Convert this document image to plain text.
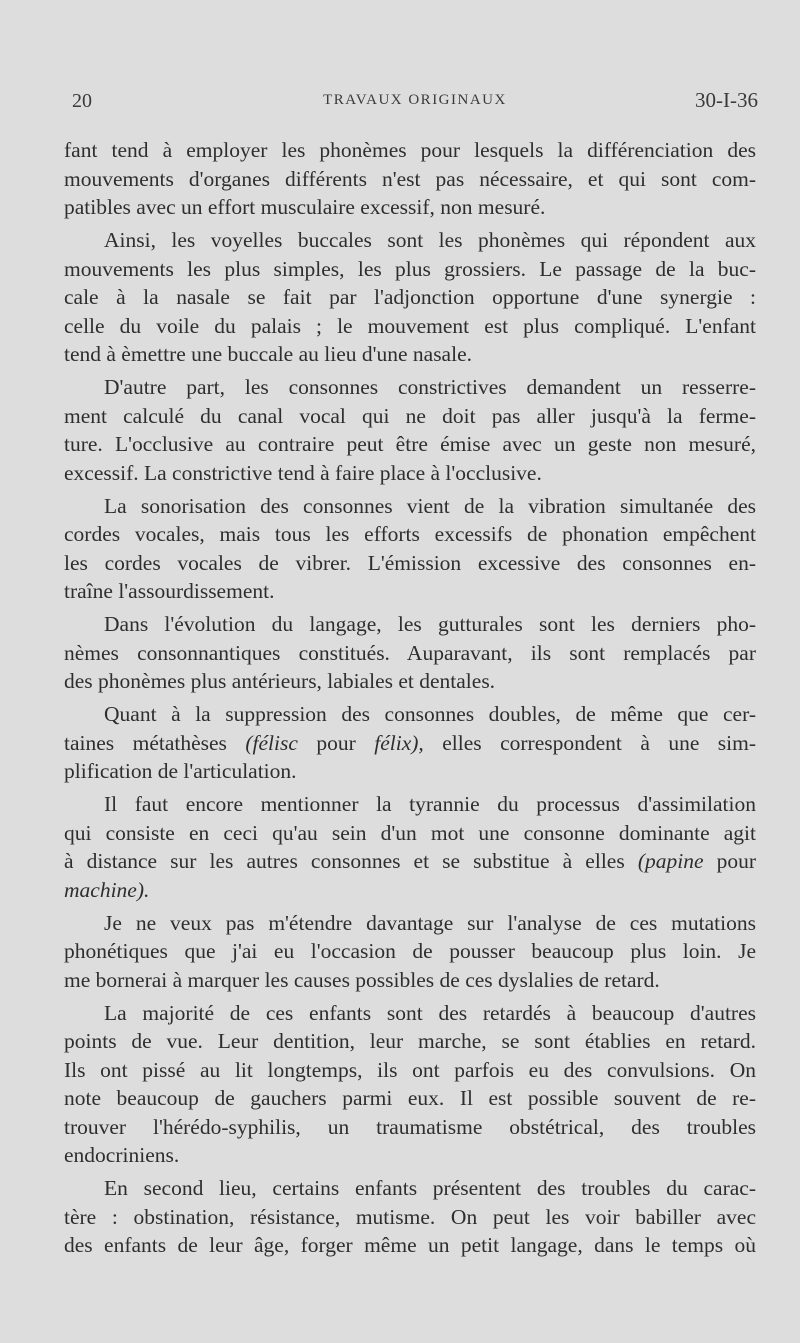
20	TRAVAUX ORIGINAUX	30-I-36
fant tend à employer les phonèmes pour lesquels la différenciation des
mouvements d'organes différents n'est pas nécessaire, et qui sont com-
patibles avec un effort musculaire excessif, non mesuré.
Ainsi, les voyelles buccales sont les phonèmes qui répondent aux
mouvements les plus simples, les plus grossiers. Le passage de la buc-
cale à la nasale se fait par l'adjonction opportune d'une synergie :
celle du voile du palais ; le mouvement est plus compliqué. L'enfant
tend à èmettre une buccale au lieu d'une nasale.
D'autre part, les consonnes constrictives demandent un resserre-
ment calculé du canal vocal qui ne doit pas aller jusqu'à la ferme-
ture. L'occlusive au contraire peut être émise avec un geste non mesuré,
excessif. La constrictive tend à faire place à l'occlusive.
La sonorisation des consonnes vient de la vibration simultanée des
cordes vocales, mais tous les efforts excessifs de phonation empêchent
les cordes vocales de vibrer. L'émission excessive des consonnes en-
traîne l'assourdissement.
Dans l'évolution du langage, les gutturales sont les derniers pho-
nèmes consonnantiques constitués. Auparavant, ils sont remplacés par
des phonèmes plus antérieurs, labiales et dentales.
Quant à la suppression des consonnes doubles, de même que cer-
taines métathèses (félisc pour félix), elles correspondent à une sim-
plification de l'articulation.
Il faut encore mentionner la tyrannie du processus d'assimilation
qui consiste en ceci qu'au sein d'un mot une consonne dominante agit
à distance sur les autres consonnes et se substitue à elles (papine pour
machine).
Je ne veux pas m'étendre davantage sur l'analyse de ces mutations
phonétiques que j'ai eu l'occasion de pousser beaucoup plus loin. Je
me bornerai à marquer les causes possibles de ces dyslalies de retard.
La majorité de ces enfants sont des retardés à beaucoup d'autres
points de vue. Leur dentition, leur marche, se sont établies en retard.
Ils ont pissé au lit longtemps, ils ont parfois eu des convulsions. On
note beaucoup de gauchers parmi eux. Il est possible souvent de re-
trouver l'hérédo-syphilis, un traumatisme obstétrical, des troubles
endocriniens.
En second lieu, certains enfants présentent des troubles du carac-
tère : obstination, résistance, mutisme. On peut les voir babiller avec
des enfants de leur âge, forger même un petit langage, dans le temps où
